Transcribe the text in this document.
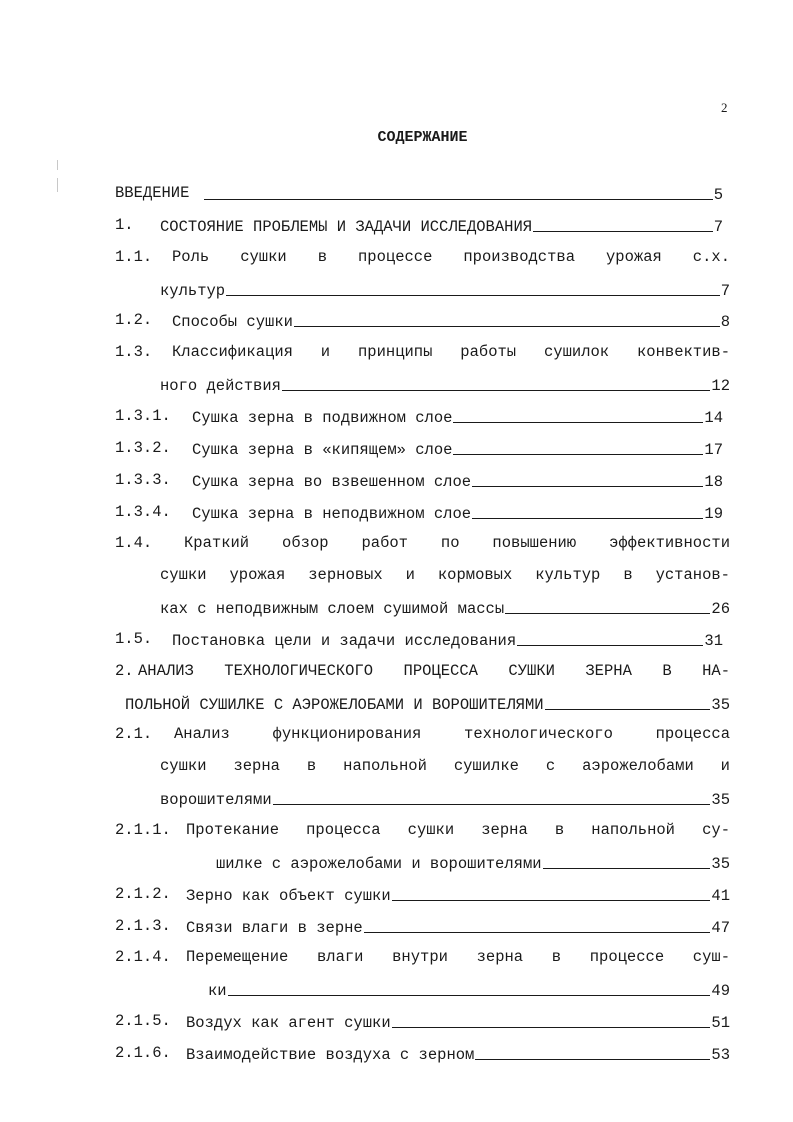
2
СОДЕРЖАНИЕ
ВВЕДЕНИЕ	5
1. СОСТОЯНИЕ ПРОБЛЕМЫ И ЗАДАЧИ ИССЛЕДОВАНИЯ	7
1.1. Роль сушки в процессе производства урожая с.х.
культур	7
1.2. Способы сушки	8
1.3. Классификация и принципы работы сушилок конвектив-
ного действия	12
1.3.1. Сушка зерна в подвижном слое	14
1.3.2. Сушка зерна в «кипящем» слое	17
1.3.3. Сушка зерна во взвешенном слое	18
1.3.4. Сушка зерна в неподвижном слое	19
1.4. Краткий обзор работ по повышению эффективности
сушки урожая зерновых и кормовых культур в установ-
ках с неподвижным слоем сушимой массы	26
1.5. Постановка цели и задачи исследования	31
2. АНАЛИЗ ТЕХНОЛОГИЧЕСКОГО ПРОЦЕССА СУШКИ ЗЕРНА В НА-
ПОЛЬНОЙ СУШИЛКЕ С АЭРОЖЕЛОБАМИ И ВОРОШИТЕЛЯМИ	35
2.1. Анализ функционирования технологического процесса
сушки зерна в напольной сушилке с аэрожелобами и
ворошителями	35
2.1.1. Протекание процесса сушки зерна в напольной су-
шилке с аэрожелобами и ворошителями	35
2.1.2. Зерно как объект сушки	41
2.1.3. Связи влаги в зерне	47
2.1.4. Перемещение влаги внутри зерна в процессе суш-
ки	49
2.1.5. Воздух как агент сушки	51
2.1.6. Взаимодействие воздуха с зерном	53
